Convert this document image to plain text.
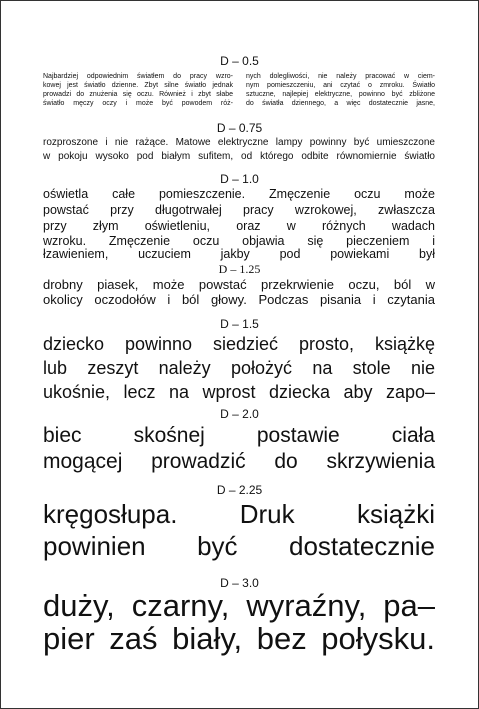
D – 0.5
Najbardziej odpowiednim światłem do pracy wzro-
kowej jest światło dzienne. Zbyt silne światło jednak
prowadzi do znużenia się oczu. Również i zbyt słabe
światło męczy oczy i może być powodem róż-
nych dolegliwości, nie należy pracować w ciem-
nym pomieszczeniu, ani czytać o zmroku. Światło
sztuczne, najlepiej elektryczne, powinno być zbliżone
do światła dziennego, a więc dostatecznie jasne,
D – 0.75
rozproszone i nie rażące. Matowe elektryczne lampy powinny być umieszczone
w pokoju wysoko pod białym sufitem, od którego odbite równomiernie światło
D – 1.0
oświetla całe pomieszczenie. Zmęczenie oczu może
powstać przy długotrwałej pracy wzrokowej, zwłaszcza
przy złym oświetleniu, oraz w różnych wadach
wzroku. Zmęczenie oczu objawia się pieczeniem i
łzawieniem, uczuciem jakby pod powiekami był
D – 1.25
drobny piasek, może powstać przekrwienie oczu, ból w
okolicy oczodołów i ból głowy. Podczas pisania i czytania
D – 1.5
dziecko powinno siedzieć prosto, książkę
lub zeszyt należy położyć na stole nie
ukośnie, lecz na wprost dziecka aby zapo–
D – 2.0
biec skośnej postawie ciała
mogącej prowadzić do skrzywienia
D – 2.25
kręgosłupa. Druk książki
powinien być dostatecznie
D – 3.0
duży, czarny, wyraźny, pa–
pier zaś biały, bez połysku.
